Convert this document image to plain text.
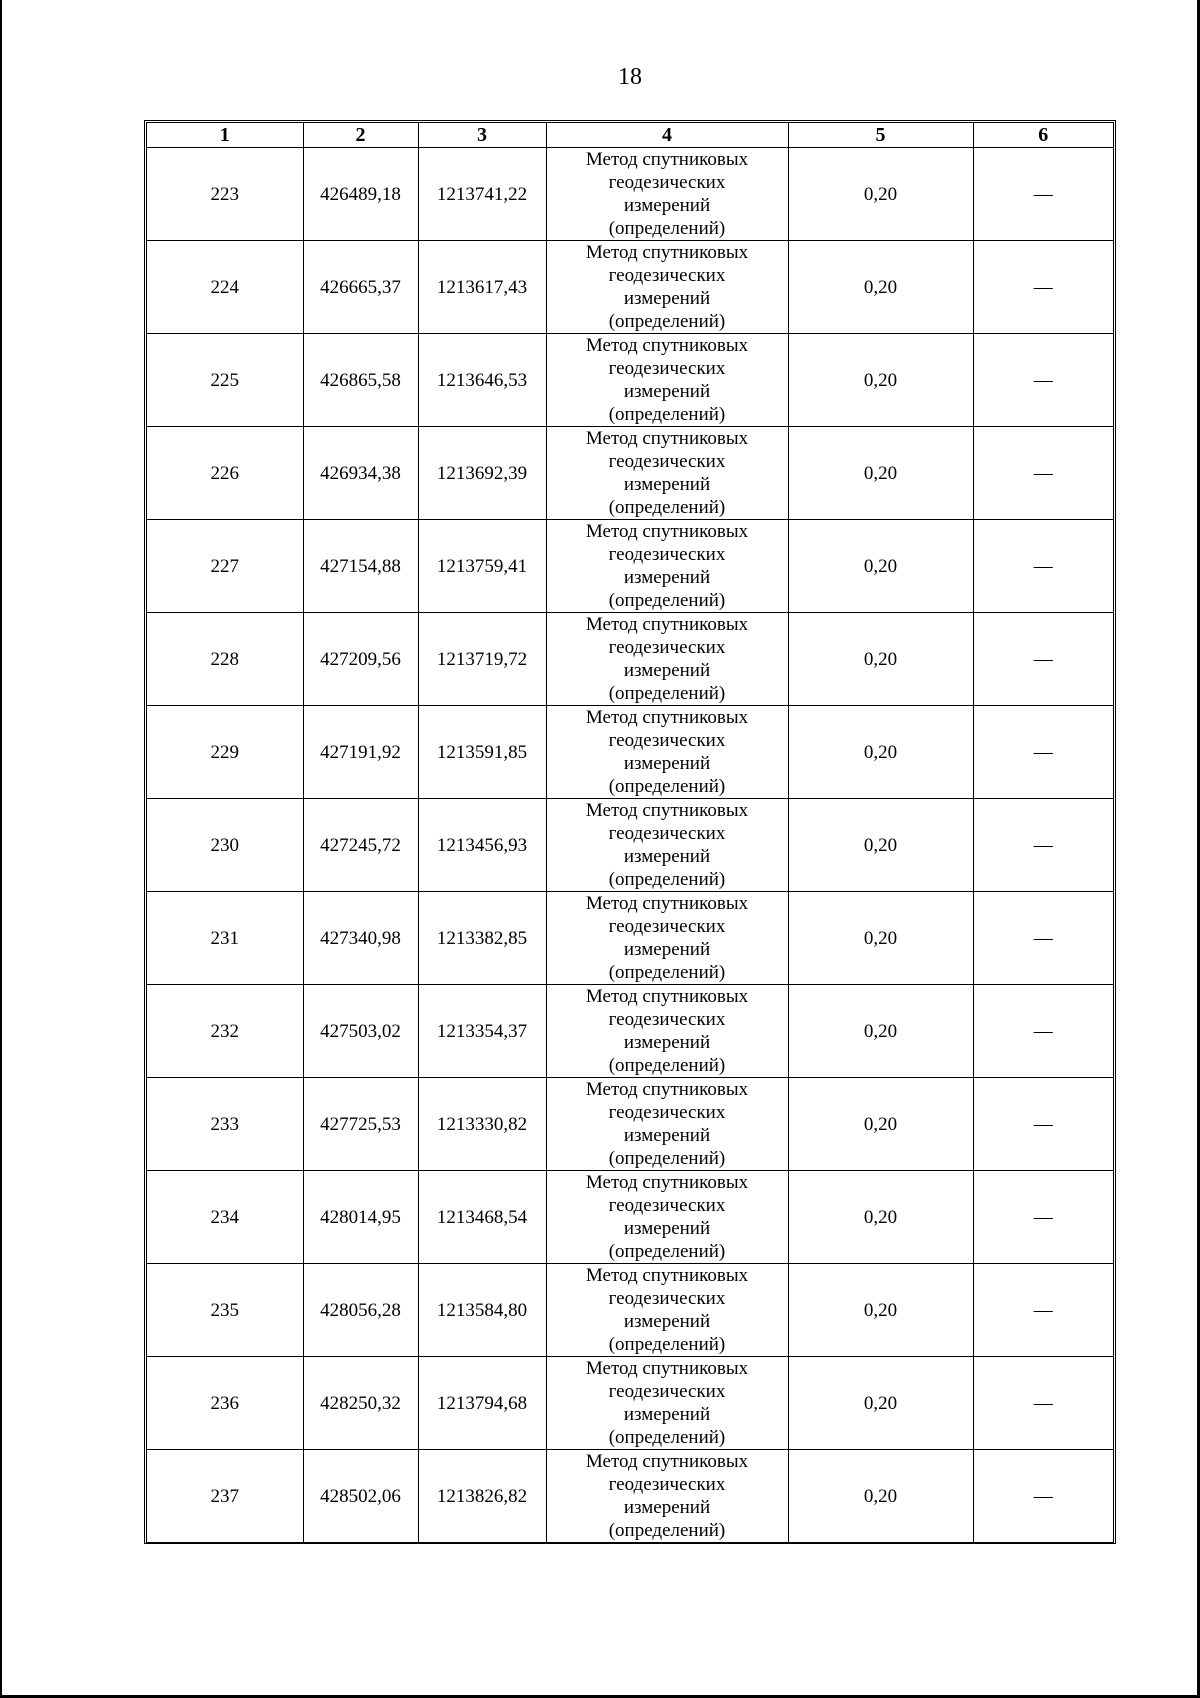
18
1	2	3	4	5	6
223	426489,18	1213741,22	Метод спутниковых
геодезических
измерений
(определений)	0,20	—
224	426665,37	1213617,43	Метод спутниковых
геодезических
измерений
(определений)	0,20	—
225	426865,58	1213646,53	Метод спутниковых
геодезических
измерений
(определений)	0,20	—
226	426934,38	1213692,39	Метод спутниковых
геодезических
измерений
(определений)	0,20	—
227	427154,88	1213759,41	Метод спутниковых
геодезических
измерений
(определений)	0,20	—
228	427209,56	1213719,72	Метод спутниковых
геодезических
измерений
(определений)	0,20	—
229	427191,92	1213591,85	Метод спутниковых
геодезических
измерений
(определений)	0,20	—
230	427245,72	1213456,93	Метод спутниковых
геодезических
измерений
(определений)	0,20	—
231	427340,98	1213382,85	Метод спутниковых
геодезических
измерений
(определений)	0,20	—
232	427503,02	1213354,37	Метод спутниковых
геодезических
измерений
(определений)	0,20	—
233	427725,53	1213330,82	Метод спутниковых
геодезических
измерений
(определений)	0,20	—
234	428014,95	1213468,54	Метод спутниковых
геодезических
измерений
(определений)	0,20	—
235	428056,28	1213584,80	Метод спутниковых
геодезических
измерений
(определений)	0,20	—
236	428250,32	1213794,68	Метод спутниковых
геодезических
измерений
(определений)	0,20	—
237	428502,06	1213826,82	Метод спутниковых
геодезических
измерений
(определений)	0,20	—
